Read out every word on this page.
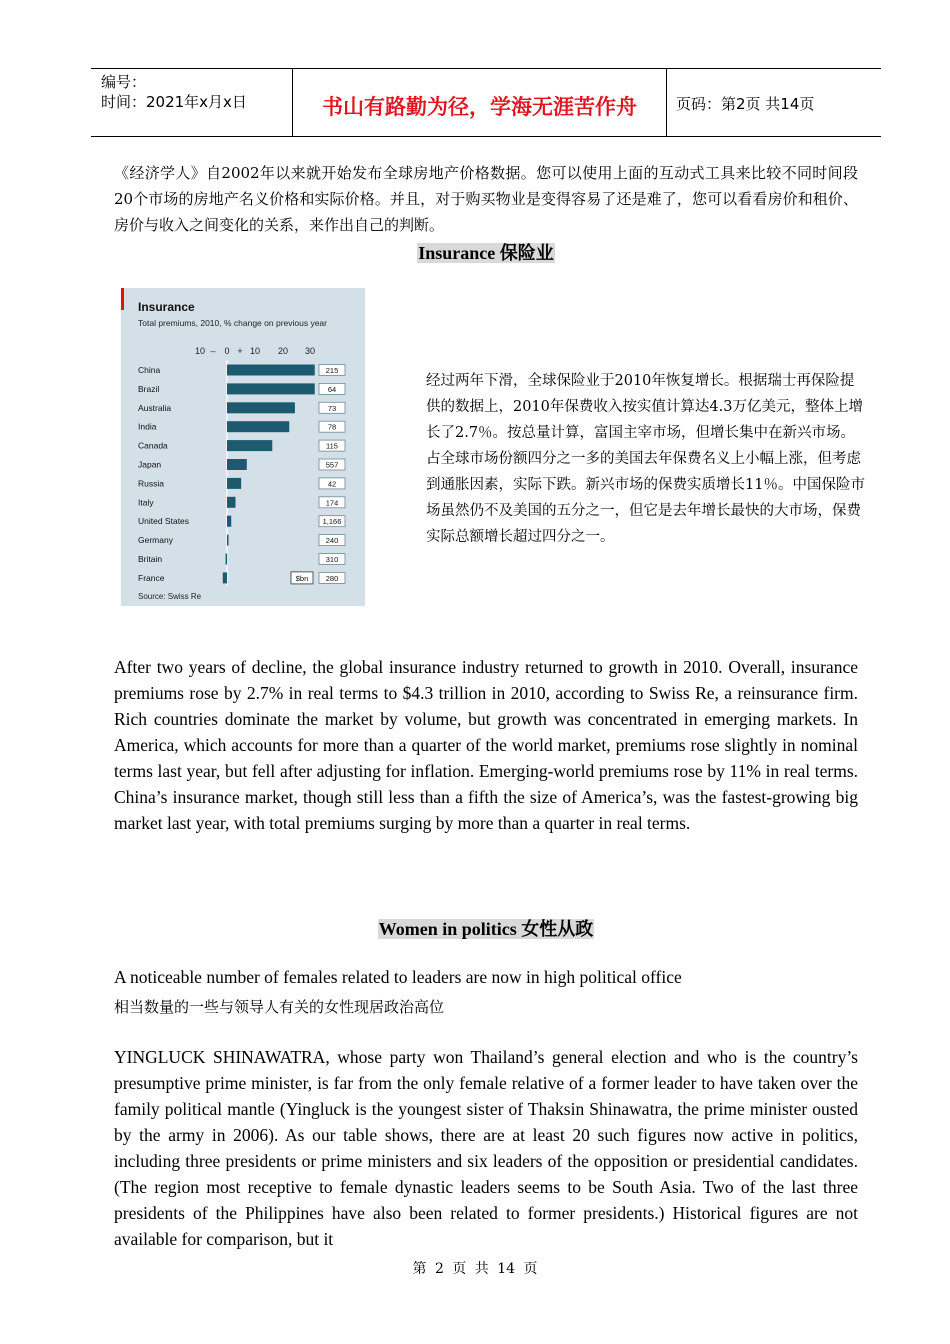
编号：
时间：2021年x月x日	书山有路勤为径，学海无涯苦作舟	页码：第2页 共14页
《经济学人》自2002年以来就开始发布全球房地产价格数据。您可以使用上面的互动式工具来比较不同时间段20个市场的房地产名义价格和实际价格。并且，对于购买物业是变得容易了还是难了，您可以看看房价和租价、房价与收入之间变化的关系，来作出自己的判断。
Insurance 保险业
Insurance
Total premiums, 2010, % change on previous year
10 – 0 + 10 20 30
China	215
Brazil	64
Australia	73
India	78
Canada	115
Japan	557
Russia	42
Italy	174
United States	1,166
Germany	240
Britain	310
France	280
$bn
Source: Swiss Re
经过两年下滑，全球保险业于2010年恢复增长。根据瑞士再保险提供的数据上，2010年保费收入按实值计算达4.3万亿美元，整体上增长了2.7％。按总量计算，富国主宰市场，但增长集中在新兴市场。占全球市场份额四分之一多的美国去年保费名义上小幅上涨，但考虑到通胀因素，实际下跌。新兴市场的保费实质增长11％。中国保险市场虽然仍不及美国的五分之一，但它是去年增长最快的大市场，保费实际总额增长超过四分之一。
After two years of decline, the global insurance industry returned to growth in 2010. Overall, insurance premiums rose by 2.7% in real terms to $4.3 trillion in 2010, according to Swiss Re, a reinsurance firm. Rich countries dominate the market by volume, but growth was concentrated in emerging markets. In America, which accounts for more than a quarter of the world market, premiums rose slightly in nominal terms last year, but fell after adjusting for inflation. Emerging-world premiums rose by 11% in real terms. China’s insurance market, though still less than a fifth the size of America’s, was the fastest-growing big market last year, with total premiums surging by more than a quarter in real terms.
Women in politics 女性从政
A noticeable number of females related to leaders are now in high political office
相当数量的一些与领导人有关的女性现居政治高位
YINGLUCK SHINAWATRA, whose party won Thailand’s general election and who is the country’s presumptive prime minister, is far from the only female relative of a former leader to have taken over the family political mantle (Yingluck is the youngest sister of Thaksin Shinawatra, the prime minister ousted by the army in 2006). As our table shows, there are at least 20 such figures now active in politics, including three presidents or prime ministers and six leaders of the opposition or presidential candidates. (The region most receptive to female dynastic leaders seems to be South Asia. Two of the last three presidents of the Philippines have also been related to former presidents.) Historical figures are not available for comparison, but it
第 2 页 共 14 页
